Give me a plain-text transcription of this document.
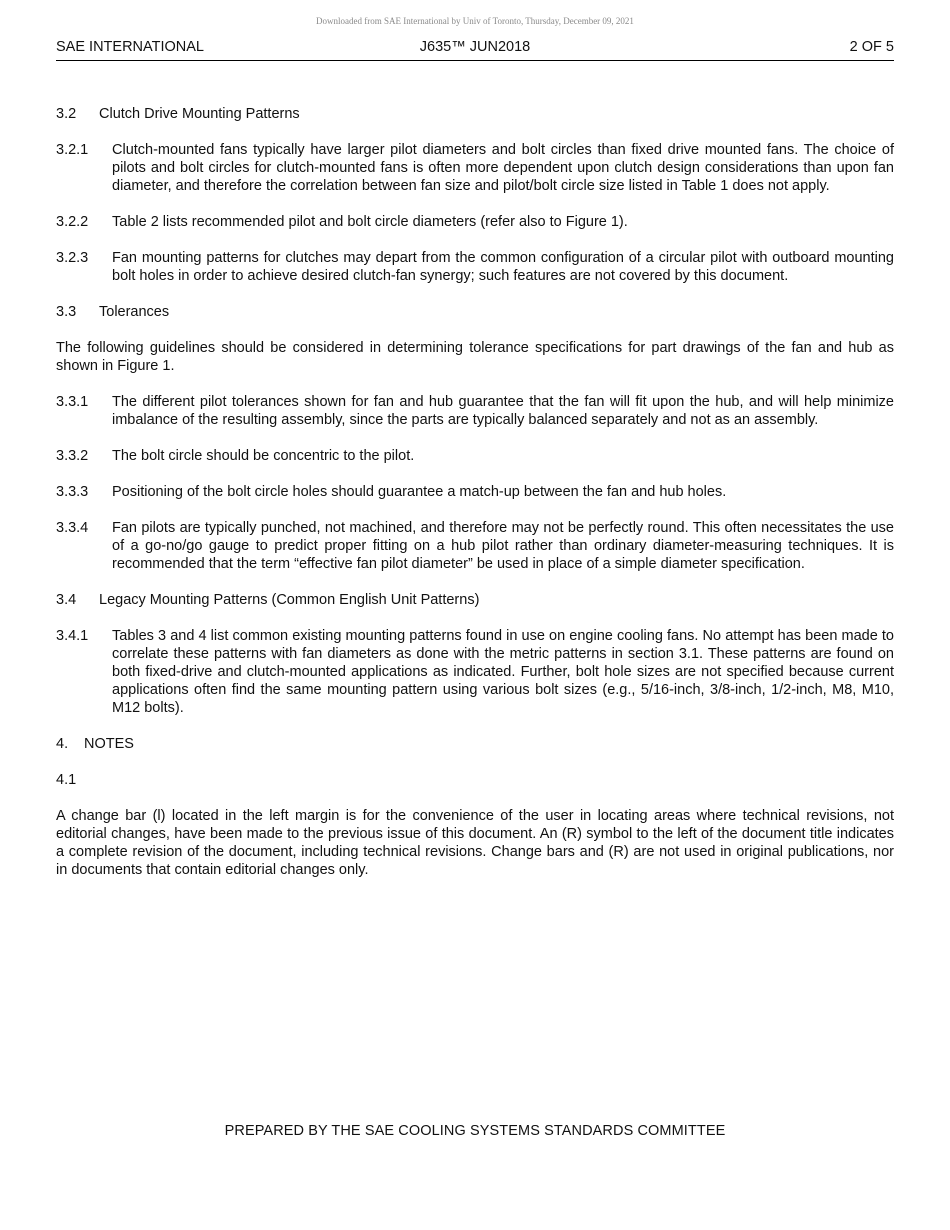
Downloaded from SAE International by Univ of Toronto, Thursday, December 09, 2021
SAE INTERNATIONAL	J635™ JUN2018	2 OF 5
3.2 Clutch Drive Mounting Patterns
3.2.1	Clutch-mounted fans typically have larger pilot diameters and bolt circles than fixed drive mounted fans. The choice of pilots and bolt circles for clutch-mounted fans is often more dependent upon clutch design considerations than upon fan diameter, and therefore the correlation between fan size and pilot/bolt circle size listed in Table 1 does not apply.
3.2.2	Table 2 lists recommended pilot and bolt circle diameters (refer also to Figure 1).
3.2.3	Fan mounting patterns for clutches may depart from the common configuration of a circular pilot with outboard mounting bolt holes in order to achieve desired clutch-fan synergy; such features are not covered by this document.
3.3 Tolerances
The following guidelines should be considered in determining tolerance specifications for part drawings of the fan and hub as shown in Figure 1.
3.3.1	The different pilot tolerances shown for fan and hub guarantee that the fan will fit upon the hub, and will help minimize imbalance of the resulting assembly, since the parts are typically balanced separately and not as an assembly.
3.3.2	The bolt circle should be concentric to the pilot.
3.3.3	Positioning of the bolt circle holes should guarantee a match-up between the fan and hub holes.
3.3.4	Fan pilots are typically punched, not machined, and therefore may not be perfectly round. This often necessitates the use of a go-no/go gauge to predict proper fitting on a hub pilot rather than ordinary diameter-measuring techniques. It is recommended that the term “effective fan pilot diameter” be used in place of a simple diameter specification.
3.4 Legacy Mounting Patterns (Common English Unit Patterns)
3.4.1	Tables 3 and 4 list common existing mounting patterns found in use on engine cooling fans. No attempt has been made to correlate these patterns with fan diameters as done with the metric patterns in section 3.1. These patterns are found on both fixed-drive and clutch-mounted applications as indicated. Further, bolt hole sizes are not specified because current applications often find the same mounting pattern using various bolt sizes (e.g., 5/16-inch, 3/8-inch, 1/2-inch, M8, M10, M12 bolts).
4. NOTES
4.1
A change bar (l) located in the left margin is for the convenience of the user in locating areas where technical revisions, not editorial changes, have been made to the previous issue of this document. An (R) symbol to the left of the document title indicates a complete revision of the document, including technical revisions. Change bars and (R) are not used in original publications, nor in documents that contain editorial changes only.
PREPARED BY THE SAE COOLING SYSTEMS STANDARDS COMMITTEE
